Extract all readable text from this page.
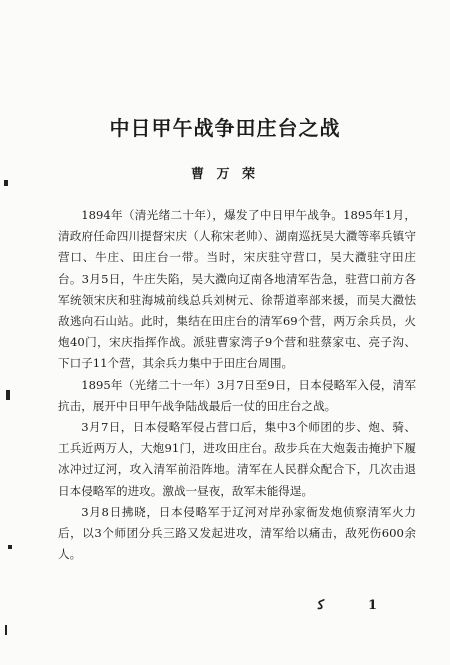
中日甲午战争田庄台之战
曹 万 荣

1894年（清光绪二十年），爆发了中日甲午战争。1895年1月，清政府任命四川提督宋庆（人称宋老帅）、湖南巡抚吴大瀓等率兵镇守营口、牛庄、田庄台一带。当时，宋庆驻守营口，吴大瀓驻守田庄台。3月5日，牛庄失陷，吴大瀓向辽南各地清军告急，驻营口前方各军统领宋庆和驻海城前线总兵刘树元、徐帮道率部来援，而吴大瀓怯敌逃向石山站。此时，集结在田庄台的清军69个营，两万余兵员，火炮40门，宋庆指挥作战。派驻曹家湾子9个营和驻蔡家屯、亮子沟、下口子11个营，其余兵力集中于田庄台周围。

1895年（光绪二十一年）3月7日至9日，日本侵略军入侵，清军抗击，展开中日甲午战争陆战最后一仗的田庄台之战。

3月7日，日本侵略军侵占营口后，集中3个师团的步、炮、骑、工兵近两万人，大炮91门，进攻田庄台。敌步兵在大炮轰击掩护下履冰冲过辽河，攻入清军前沿阵地。清军在人民群众配合下，几次击退日本侵略军的进攻。激战一昼夜，敌军未能得逞。

3月8日拂晓，日本侵略军于辽河对岸孙家衙发炮侦察清军火力后，以3个师团分兵三路又发起进攻，清军给以痛击，敌死伤600余人。

ﻛ	1
